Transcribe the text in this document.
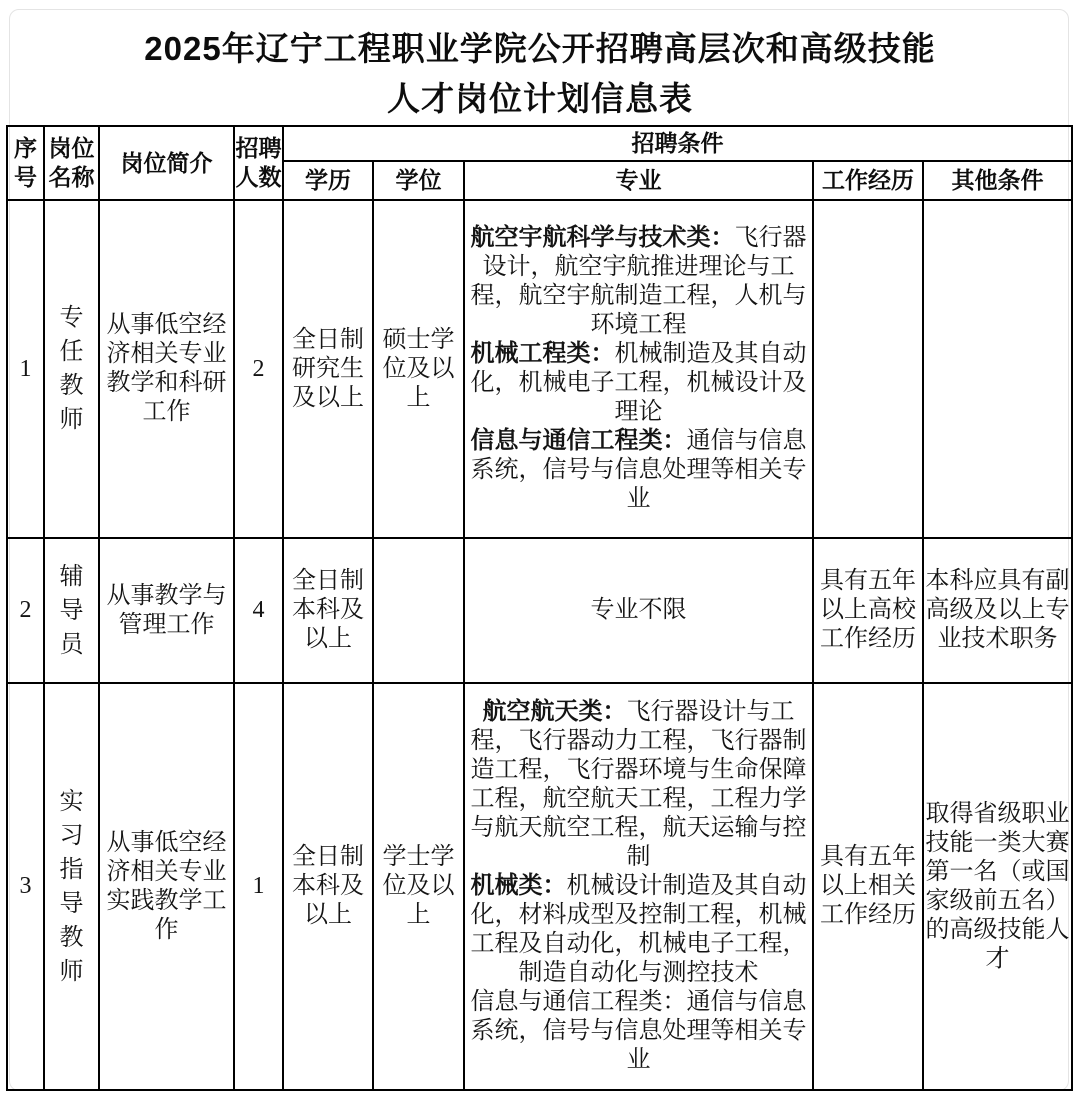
2025年辽宁工程职业学院公开招聘高层次和高级技能
人才岗位计划信息表
序号	岗位名称	岗位简介	招聘人数	招聘条件				
				学历	学位	专业	工作经历	其他条件
1	专任教师	从事低空经济相关专业教学和科研工作	2	全日制研究生及以上	硕士学位及以上	航空宇航科学与技术类：飞行器设计，航空宇航推进理论与工程，航空宇航制造工程，人机与环境工程

机械工程类：机械制造及其自动化，机械电子工程，机械设计及理论

信息与通信工程类：通信与信息系统，信号与信息处理等相关专业		

2	辅导员	从事教学与管理工作	4	全日制本科及以上		专业不限	具有五年以上高校工作经历	本科应具有副高级及以上专业技术职务
3	实习指导教师	从事低空经济相关专业实践教学工作	1	全日制本科及以上	学士学位及以上	航空航天类：飞行器设计与工程，飞行器动力工程，飞行器制造工程，飞行器环境与生命保障工程，航空航天工程，工程力学与航天航空工程，航天运输与控制

机械类：机械设计制造及其自动化，材料成型及控制工程，机械工程及自动化，机械电子工程，制造自动化与测控技术

信息与通信工程类：通信与信息系统，信号与信息处理等相关专业	具有五年以上相关工作经历	取得省级职业技能一类大赛第一名（或国家级前五名）的高级技能人才
